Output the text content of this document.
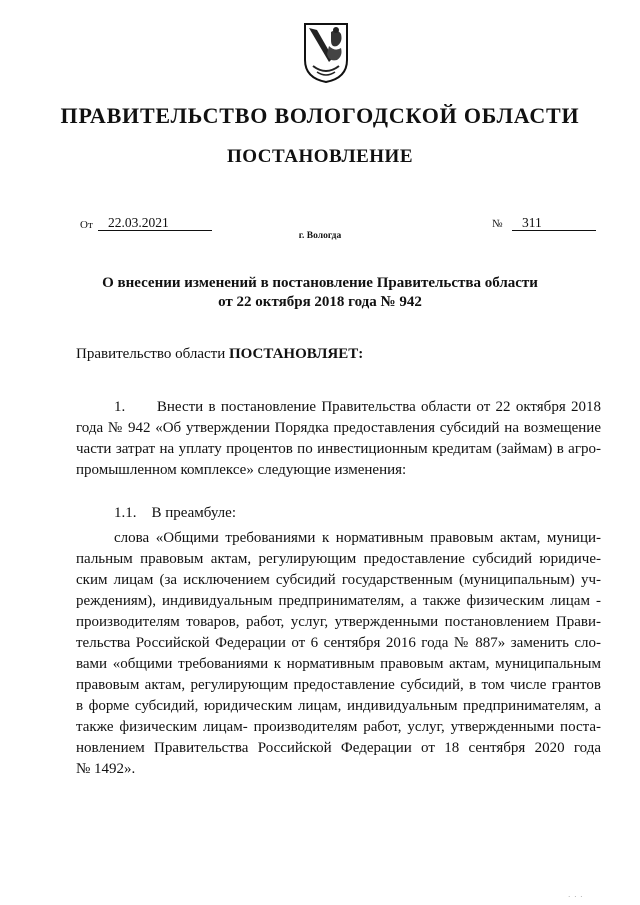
ПРАВИТЕЛЬСТВО ВОЛОГОДСКОЙ ОБЛАСТИ
ПОСТАНОВЛЕНИЕ
От	22.03.2021	№	311
г. Вологда
О внесении изменений в постановление Правительства области
от 22 октября 2018 года № 942
Правительство области ПОСТАНОВЛЯЕТ:
1.      Внести в постановление Правительства области от 22 октября 2018
года № 942 «Об утверждении Порядка предоставления субсидий на возмещение
части затрат на уплату процентов по инвестиционным кредитам (займам) в агро-
промышленном комплексе» следующие изменения:
1.1.    В преамбуле:
слова «Общими требованиями к нормативным правовым актам, муници-
пальным правовым актам, регулирующим предоставление субсидий юридиче-
ским лицам (за исключением субсидий государственным (муниципальным) уч-
реждениям), индивидуальным предпринимателям, а также физическим лицам -
производителям товаров, работ, услуг, утвержденными постановлением Прави-
тельства Российской Федерации от 6 сентября 2016 года № 887» заменить сло-
вами «общими требованиями к нормативным правовым актам, муниципальным
правовым актам, регулирующим предоставление субсидий, в том числе грантов
в форме субсидий, юридическим лицам, индивидуальным предпринимателям, а
также физическим лицам- производителям работ, услуг, утвержденными поста-
новлением Правительства Российской Федерации от 18 сентября 2020 года
№ 1492».
· · ·
